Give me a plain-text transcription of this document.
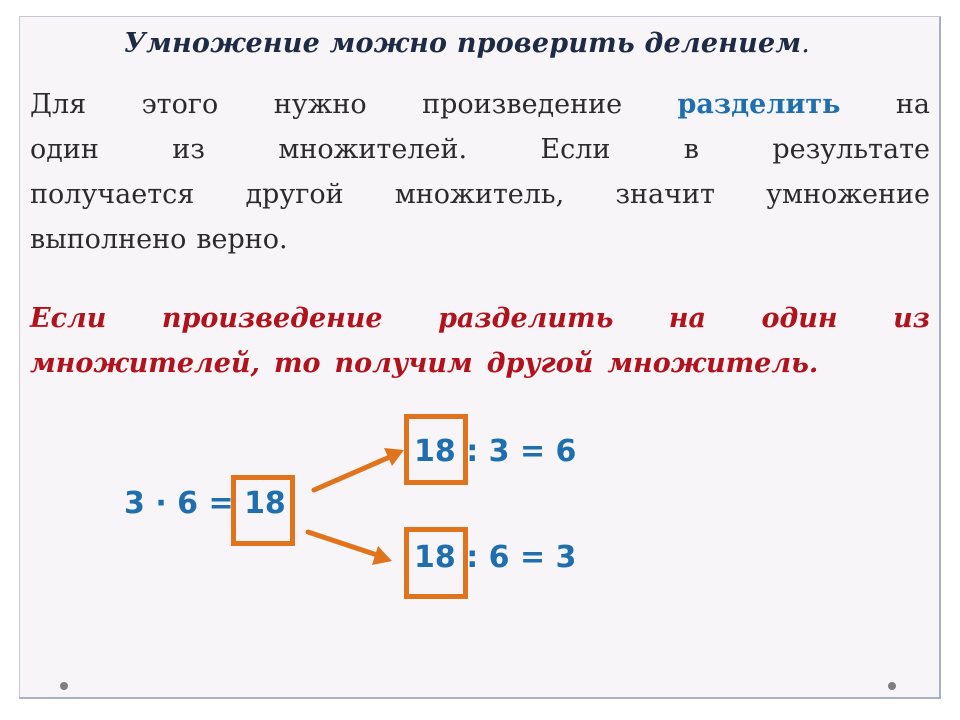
Умножение можно проверить делением.
Для этого нужно произведение разделить на
один	из	множителей.	Если	в	результате
получается другой множитель, значит умножение
выполнено верно.
Если произведение разделить на один из
множителей, то получим другой множитель.
3 · 6 = 18
18 : 3 = 6
18 : 6 = 3
